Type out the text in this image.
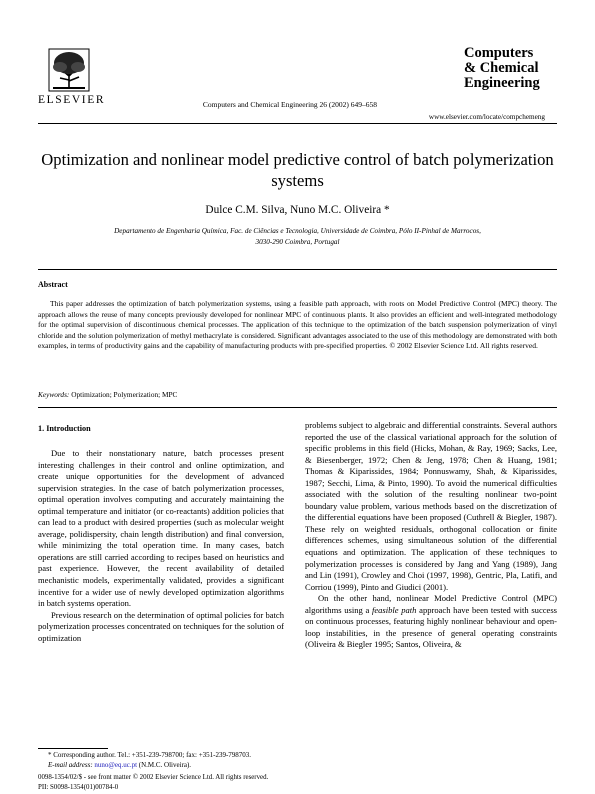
ELSEVIER	Computers and Chemical Engineering 26 (2002) 649–658
Computers
& Chemical
Engineering
www.elsevier.com/locate/compchemeng
Optimization and nonlinear model predictive control of batch polymerization systems
Dulce C.M. Silva, Nuno M.C. Oliveira *
Departamento de Engenharia Química, Fac. de Ciências e Tecnologia, Universidade de Coimbra, Pólo II-Pinhal de Marrocos,
3030-290 Coimbra, Portugal
Abstract
This paper addresses the optimization of batch polymerization systems, using a feasible path approach, with roots on Model Predictive Control (MPC) theory. The approach allows the reuse of many concepts previously developed for nonlinear MPC of continuous plants. It also provides an efficient and well-integrated methodology for the optimal supervision of discontinuous chemical processes. The application of this technique to the optimization of the batch suspension polymerization of vinyl chloride and the solution polymerization of methyl methacrylate is considered. Significant advantages associated to the use of this methodology are demonstrated with both examples, in terms of productivity gains and the capability of manufacturing products with pre-specified properties. © 2002 Elsevier Science Ltd. All rights reserved.
Keywords: Optimization; Polymerization; MPC
1. Introduction

Due to their nonstationary nature, batch processes present interesting challenges in their control and online optimization, and create unique opportunities for the development of advanced supervision strategies. In the case of batch polymerization processes, optimal operation involves computing and accurately maintaining the optimal temperature and initiator (or co-reactants) addition policies that can lead to a product with desired properties (such as molecular weight average, polidispersity, chain length distribution) and final conversion, while minimizing the total operation time. In many cases, batch operations are still carried according to recipes based on heuristics and past experience. However, the recent availability of detailed mechanistic models, experimentally validated, provides a significant incentive for a wider use of newly developed optimization algorithms in batch systems operation.

Previous research on the determination of optimal policies for batch polymerization processes concentrated on techniques for the solution of optimization

problems subject to algebraic and differential constraints. Several authors reported the use of the classical variational approach for the solution of specific problems in this field (Hicks, Mohan, & Ray, 1969; Sacks, Lee, & Biesenberger, 1972; Chen & Jeng, 1978; Chen & Huang, 1981; Thomas & Kiparissides, 1984; Ponnuswamy, Shah, & Kiparissides, 1987; Secchi, Lima, & Pinto, 1990). To avoid the numerical difficulties associated with the solution of the resulting nonlinear two-point boundary value problem, various methods based on the discretization of the differential equations have been proposed (Cuthrell & Biegler, 1987). These rely on weighted residuals, orthogonal collocation or finite differences schemes, using simultaneous solution of the differential equations and optimization. The application of these techniques to polymerization processes is considered by Jang and Yang (1989), Jang and Lin (1991), Crowley and Choi (1997, 1998), Gentric, Pla, Latifi, and Corriou (1999), Pinto and Giudici (2001).

On the other hand, nonlinear Model Predictive Control (MPC) algorithms using a feasible path approach have been tested with success on continuous processes, featuring highly nonlinear behaviour and open-loop instabilities, in the presence of general operating constraints (Oliveira & Biegler 1995; Santos, Oliveira, &

* Corresponding author. Tel.: +351-239-798700; fax: +351-239-798703.
E-mail address: nuno@eq.uc.pt (N.M.C. Oliveira).
0098-1354/02/$ - see front matter © 2002 Elsevier Science Ltd. All rights reserved.
PII: S0098-1354(01)00784-0
